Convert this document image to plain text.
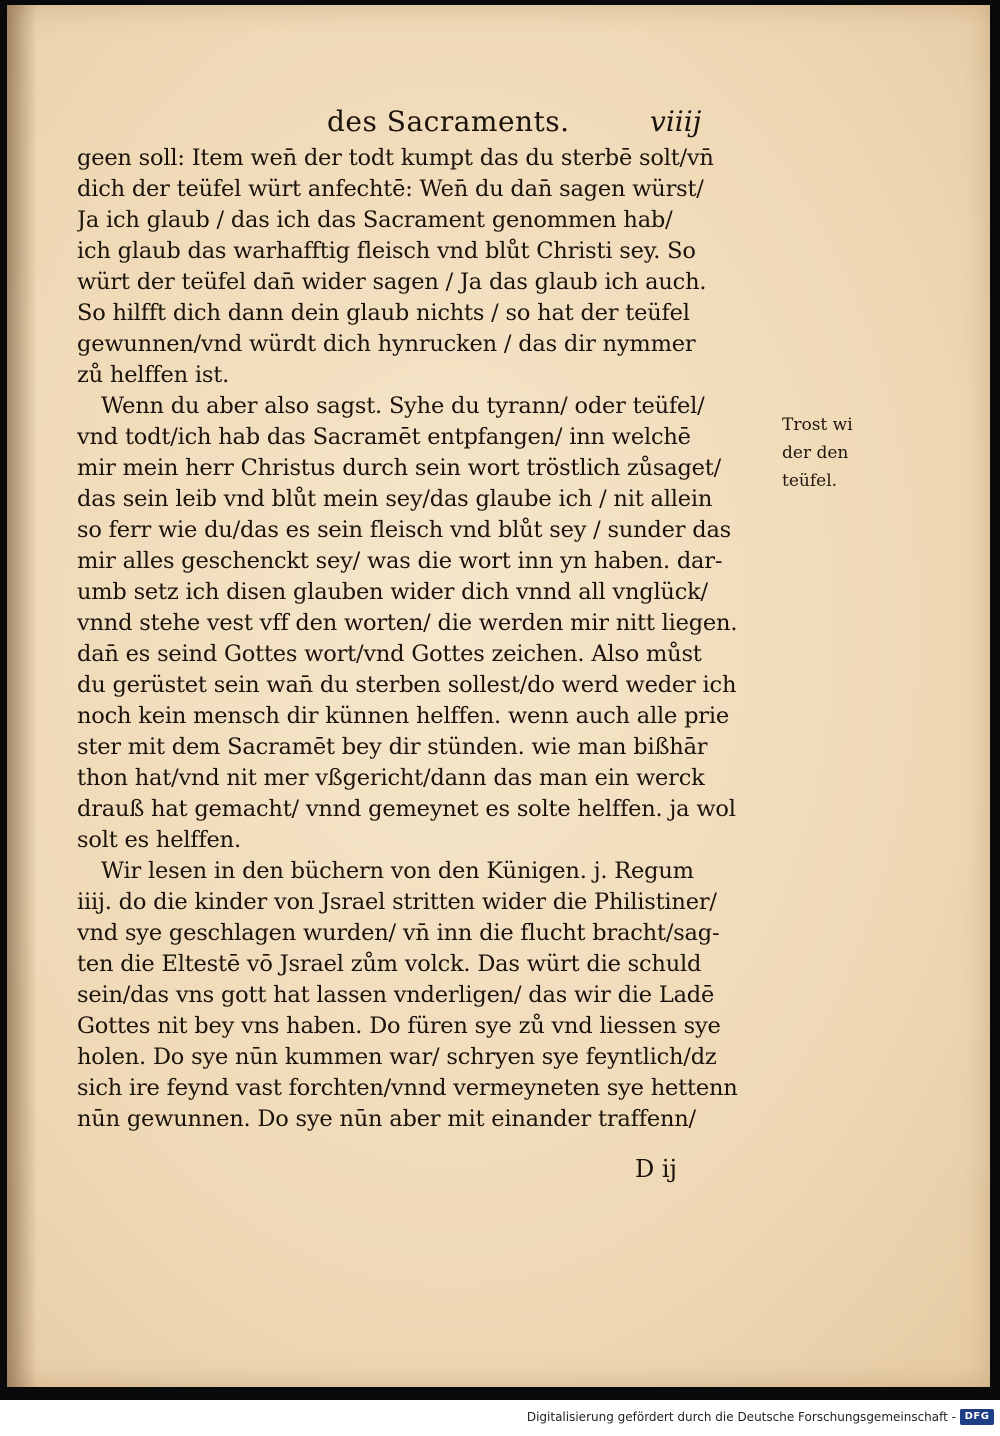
des Sacraments.	viiij
geen soll: Item wen̄ der todt kumpt das du sterbē solt/vn̄
dich der teüfel würt anfechtē: Wen̄ du dan̄ sagen würst/
Ja ich glaub / das ich das Sacrament genommen hab/
ich glaub das warhafftig fleisch vnd blůt Christi sey. So
würt der teüfel dan̄ wider sagen / Ja das glaub ich auch.
So hilfft dich dann dein glaub nichts / so hat der teüfel
gewunnen/vnd würdt dich hynrucken / das dir nymmer
zů helffen ist.
Wenn du aber also sagst. Syhe du tyrann/ oder teüfel/
vnd todt/ich hab das Sacramēt entpfangen/ inn welchē
mir mein herr Christus durch sein wort tröstlich zůsaget/
das sein leib vnd blůt mein sey/das glaube ich / nit allein
so ferr wie du/das es sein fleisch vnd blůt sey / sunder das
mir alles geschenckt sey/ was die wort inn yn haben. dar-
umb setz ich disen glauben wider dich vnnd all vnglück/
vnnd stehe vest vff den worten/ die werden mir nitt liegen.
dan̄ es seind Gottes wort/vnd Gottes zeichen. Also můst
du gerüstet sein wan̄ du sterben sollest/do werd weder ich
noch kein mensch dir künnen helffen. wenn auch alle prie
ster mit dem Sacramēt bey dir stünden. wie man bißhār
thon hat/vnd nit mer vßgericht/dann das man ein werck
drauß hat gemacht/ vnnd gemeynet es solte helffen. ja wol
solt es helffen.
Wir lesen in den büchern von den Künigen. j. Regum
iiij. do die kinder von Jsrael stritten wider die Philistiner/
vnd sye geschlagen wurden/ vn̄ inn die flucht bracht/sag-
ten die Eltestē vō Jsrael zům volck. Das würt die schuld
sein/das vns gott hat lassen vnderligen/ das wir die Ladē
Gottes nit bey vns haben. Do füren sye zů vnd liessen sye
holen. Do sye nūn kummen war/ schryen sye feyntlich/dz
sich ire feynd vast forchten/vnnd vermeyneten sye hettenn
nūn gewunnen. Do sye nūn aber mit einander traffenn/
Trost wi
der den
teüfel.
D ij
Digitalisierung gefördert durch die Deutsche Forschungsgemeinschaft - DFG
